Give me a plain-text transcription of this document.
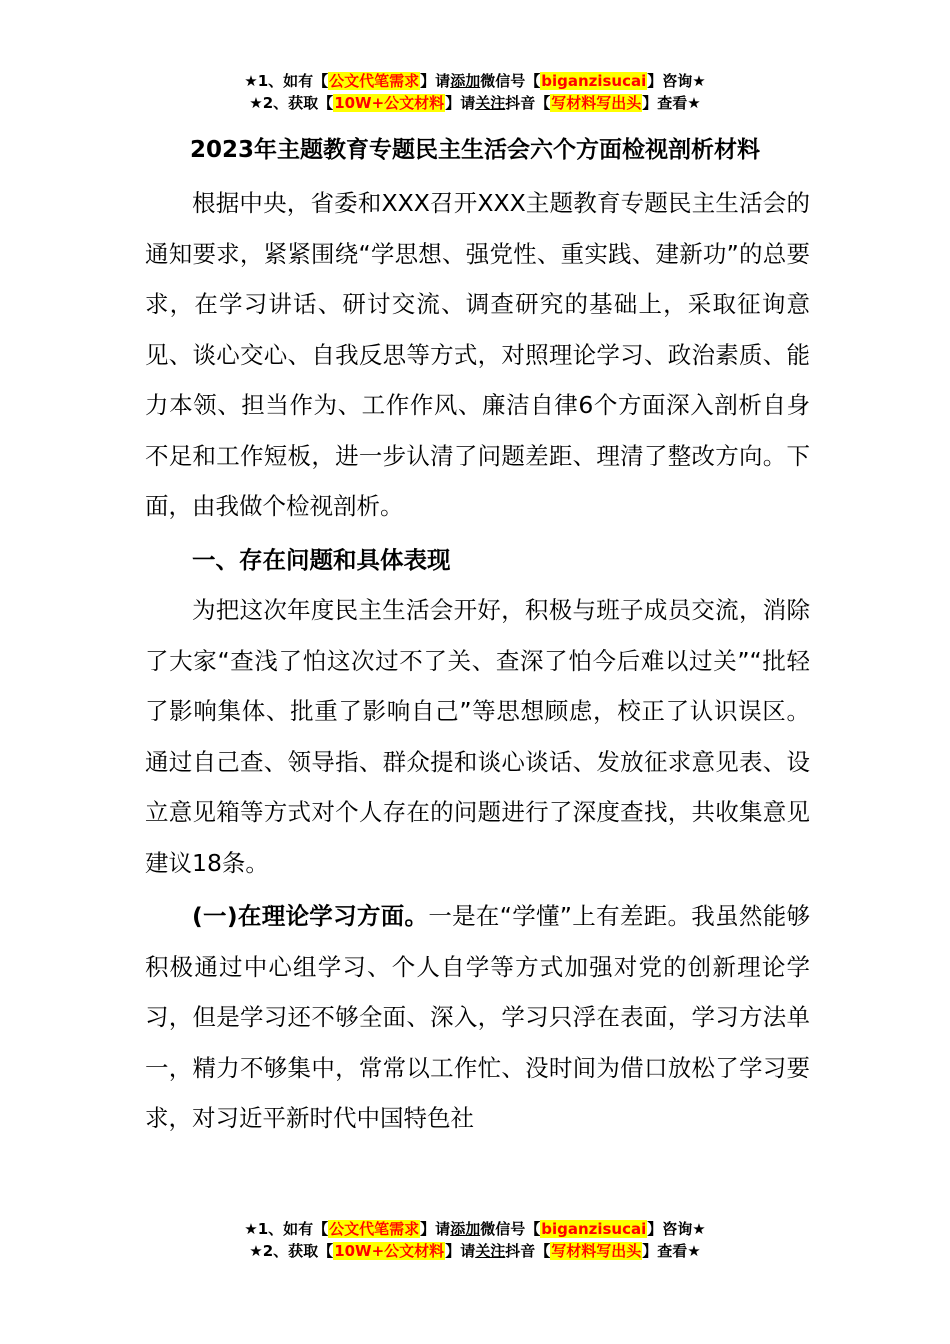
★1、如有【公文代笔需求】请添加微信号【biganzisucai】咨询★
★2、获取【10W+公文材料】请关注抖音【写材料写出头】查看★
2023年主题教育专题民主生活会六个方面检视剖析材料

根据中央，省委和XXX召开XXX主题教育专题民主生活会的通知要求，紧紧围绕“学思想、强党性、重实践、建新功”的总要求，在学习讲话、研讨交流、调查研究的基础上，采取征询意见、谈心交心、自我反思等方式，对照理论学习、政治素质、能力本领、担当作为、工作作风、廉洁自律6个方面深入剖析自身不足和工作短板，进一步认清了问题差距、理清了整改方向。下面，由我做个检视剖析。

一、存在问题和具体表现

为把这次年度民主生活会开好，积极与班子成员交流，消除了大家“查浅了怕这次过不了关、查深了怕今后难以过关”“批轻了影响集体、批重了影响自己”等思想顾虑，校正了认识误区。通过自己查、领导指、群众提和谈心谈话、发放征求意见表、设立意见箱等方式对个人存在的问题进行了深度查找，共收集意见建议18条。

(一)在理论学习方面。一是在“学懂”上有差距。我虽然能够积极通过中心组学习、个人自学等方式加强对党的创新理论学习，但是学习还不够全面、深入，学习只浮在表面，学习方法单一，精力不够集中，常常以工作忙、没时间为借口放松了学习要求，对习近平新时代中国特色社

★1、如有【公文代笔需求】请添加微信号【biganzisucai】咨询★
★2、获取【10W+公文材料】请关注抖音【写材料写出头】查看★
